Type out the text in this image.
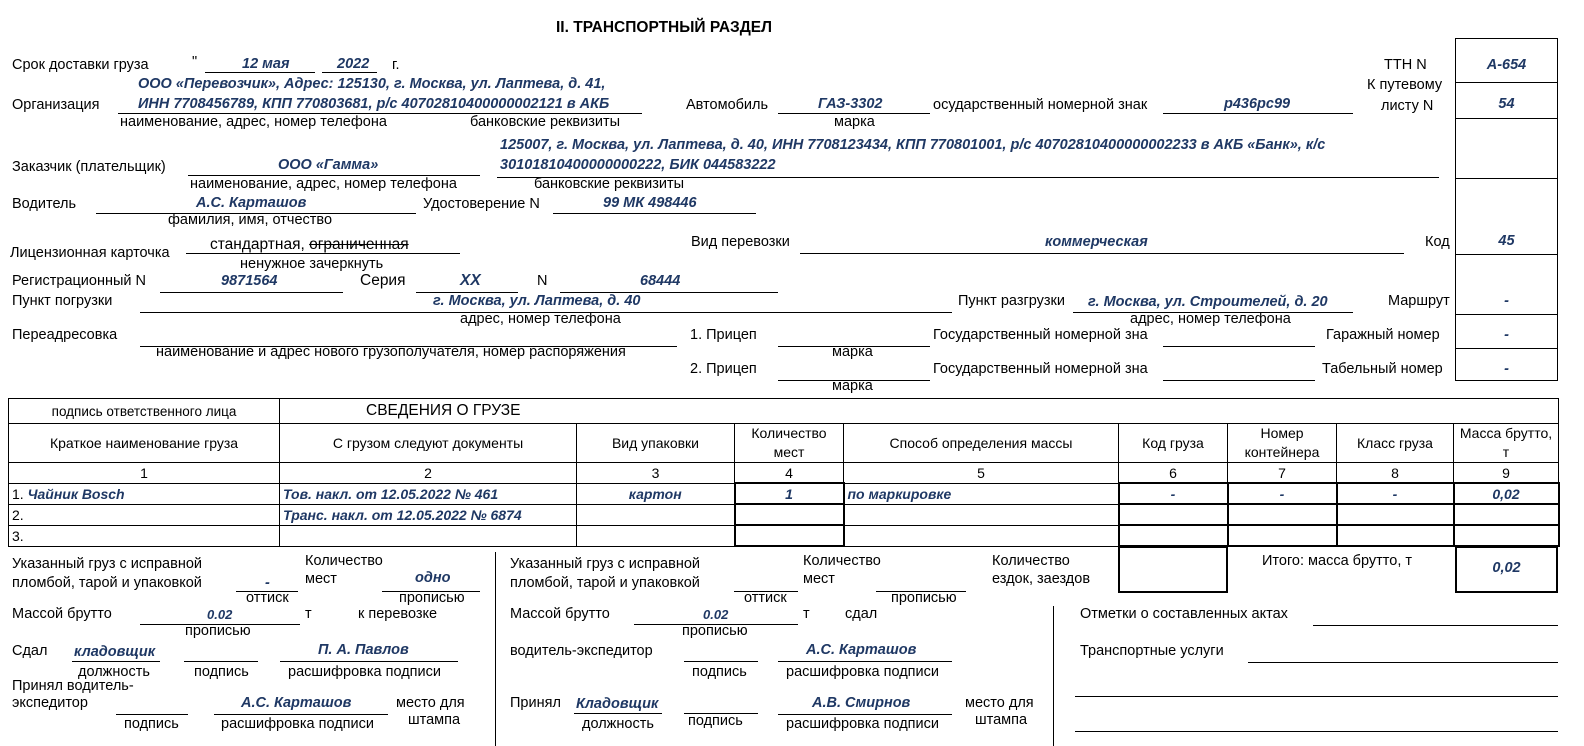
II. ТРАНСПОРТНЫЙ РАЗДЕЛ
Срок доставки груза	"	12 мая	2022 г.	ТТН N	А-654
ООО «Перевозчик», Адрес: 125130, г. Москва, ул. Лаптева, д. 41,
Организация	ИНН 7708456789, КПП 770803681, р/с 40702810400000002121 в АКБ
наименование, адрес, номер телефона	банковские реквизиты
Автомобиль	ГАЗ-3302
марка
осударственный номерной знак	р436рс99
К путевому
листу N	54
125007, г. Москва, ул. Лаптева, д. 40, ИНН 7708123434, КПП 770801001, р/с 40702810400000002233 в АКБ «Банк», к/с
Заказчик (плательщик)	ООО «Гамма»	30101810400000000222, БИК 044583222
наименование, адрес, номер телефона	банковские реквизиты
Водитель	А.С. Карташов
фамилия, имя, отчество
Удостоверение N	99 МК 498446
Лицензионная карточка	стандартная, ограниченная
ненужное зачеркнуть
Вид перевозки	коммерческая	Код	45
Регистрационный N	9871564	Серия	XX	N	68444
Пункт погрузки	г. Москва, ул. Лаптева, д. 40
адрес, номер телефона
Пункт разгрузки г. Москва, ул. Строителей, д. 20
адрес, номер телефона
Маршрут	-
Переадресовка
наименование и адрес нового грузополучателя, номер распоряжения
1. Прицеп
марка
Государственный номерной зна	Гаражный номер	-
2. Прицеп
марка
Государственный номерной зна	Табельный номер	-
подпись ответственного лица	СВЕДЕНИЯ О ГРУЗЕ							
Краткое наименование груза	С грузом следуют документы	Вид упаковки	Количество мест	Способ определения массы	Код груза	Номер контейнера	Класс груза	Масса брутто, т
1	2	3	4	5	6	7	8	9
1. Чайник Bosch	Тов. накл. от 12.05.2022 № 461	картон	1	по маркировке	-	-	-	0,02
2.	Транс. накл. от 12.05.2022 № 6874							
3.								
Указанный груз с исправной
пломбой, тарой и упаковкой	-
оттиск
Количество
мест	одно
прописью
Массой брутто	0.02
прописью
т	к перевозке
Сдал кладовщик
должность	подпись
П. А. Павлов
расшифровка подписи
Принял водитель-
экспедитор
подпись
А.С. Карташов
расшифровка подписи
место для
штампа
Указанный груз с исправной
пломбой, тарой и упаковкой
оттиск
Количество
мест
прописью
Количество
ездок, заездов
Итого: масса брутто, т	0,02
Массой брутто	0.02
прописью
т сдал
водитель-экспедитор
подпись
А.С. Карташов
расшифровка подписи
Принял Кладовщик
должность подпись
А.В. Смирнов
расшифровка подписи
место для
штампа
Отметки о составленных актах
Транспортные услуги
